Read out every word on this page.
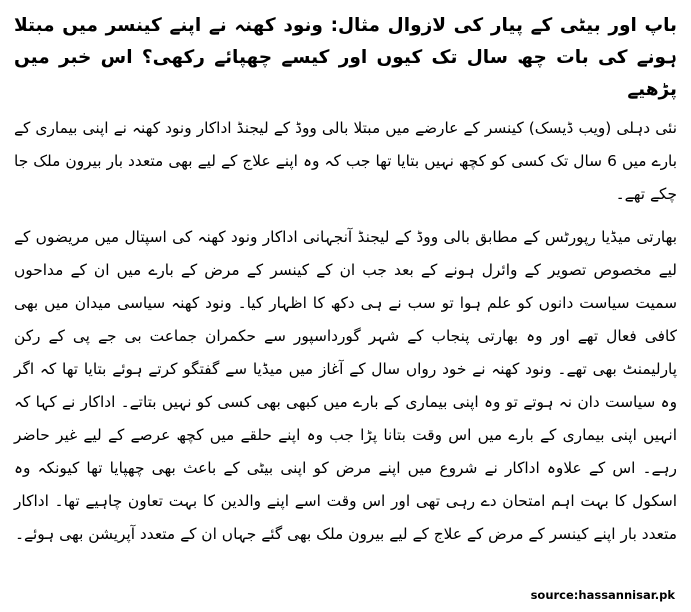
باپ اور بیٹی کے پیار کی لازوال مثال: ونود کھنہ نے اپنے کینسر میں مبتلا ہونے کی بات چھ سال تک کیوں اور کیسے چھپائے رکھی؟ اس خبر میں پڑھیے

نئی دہلی (ویب ڈیسک) کینسر کے عارضے میں مبتلا بالی ووڈ کے لیجنڈ اداکار ونود کھنہ نے اپنی بیماری کے بارے میں 6 سال تک کسی کو کچھ نہیں بتایا تھا جب کہ وہ اپنے علاج کے لیے بھی متعدد بار بیرون ملک جا چکے تھے۔

بھارتی میڈیا رپورٹس کے مطابق بالی ووڈ کے لیجنڈ آنجہانی اداکار ونود کھنہ کی اسپتال میں مریضوں کے لیے مخصوص تصویر کے وائرل ہونے کے بعد جب ان کے کینسر کے مرض کے بارے میں ان کے مداحوں سمیت سیاست دانوں کو علم ہوا تو سب نے ہی دکھ کا اظہار کیا۔ ونود کھنہ سیاسی میدان میں بھی کافی فعال تھے اور وہ بھارتی پنجاب کے شہر گورداسپور سے حکمران جماعت بی جے پی کے رکن پارلیمنٹ بھی تھے۔ ونود کھنہ نے خود رواں سال کے آغاز میں میڈیا سے گفتگو کرتے ہوئے بتایا تھا کہ اگر وہ سیاست دان نہ ہوتے تو وہ اپنی بیماری کے بارے میں کبھی بھی کسی کو نہیں بتاتے۔ اداکار نے کہا کہ انہیں اپنی بیماری کے بارے میں اس وقت بتانا پڑا جب وہ اپنے حلقے میں کچھ عرصے کے لیے غیر حاضر رہے۔ اس کے علاوہ اداکار نے شروع میں اپنے مرض کو اپنی بیٹی کے باعث بھی چھپایا تھا کیونکہ وہ اسکول کا بہت اہم امتحان دے رہی تھی اور اس وقت اسے اپنے والدین کا بہت تعاون چاہیے تھا۔ اداکار متعدد بار اپنے کینسر کے مرض کے علاج کے لیے بیرون ملک بھی گئے جہاں ان کے متعدد آپریشن بھی ہوئے۔

source:hassannisar.pk
